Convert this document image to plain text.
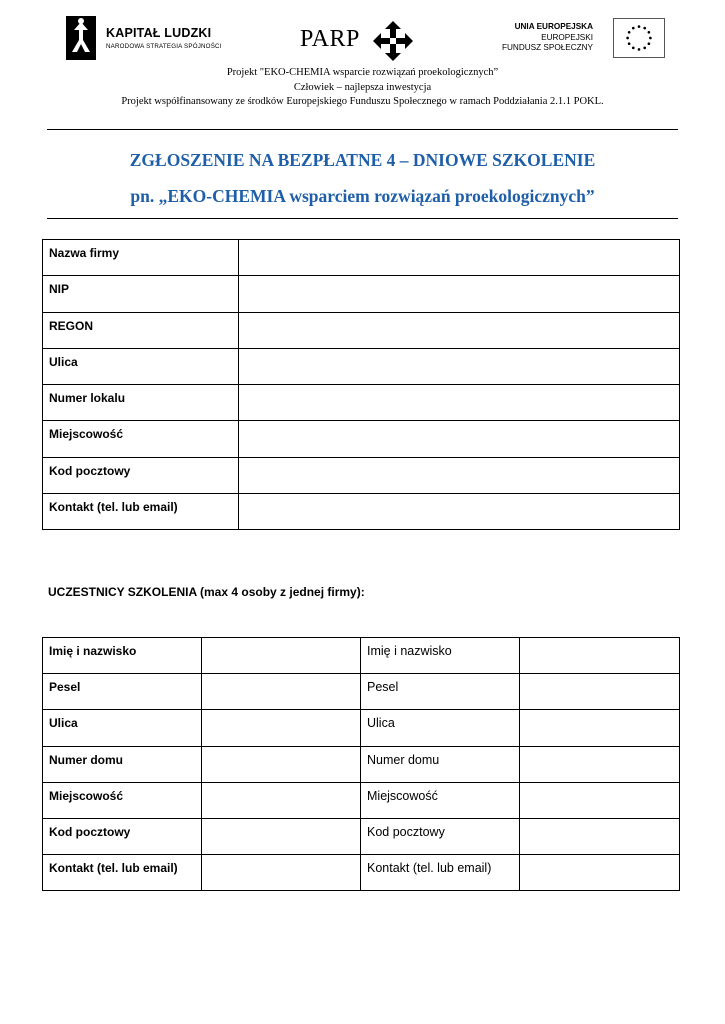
KAPITAŁ LUDZKI
NARODOWA STRATEGIA SPÓJNOŚCI	PARP	UNIA EUROPEJSKA
EUROPEJSKI
FUNDUSZ SPOŁECZNY
Projekt "EKO-CHEMIA wsparcie rozwiązań proekologicznych”
Człowiek – najlepsza inwestycja
Projekt współfinansowany ze środków Europejskiego Funduszu Społecznego w ramach Poddziałania 2.1.1 POKL.
ZGŁOSZENIE NA BEZPŁATNE 4 – DNIOWE SZKOLENIE
pn. „EKO-CHEMIA wsparciem rozwiązań proekologicznych”
Nazwa firmy	
NIP	
REGON	
Ulica	
Numer lokalu	
Miejscowość	
Kod pocztowy	
Kontakt (tel. lub email)	
UCZESTNICY SZKOLENIA (max 4 osoby z jednej firmy):
Imię i nazwisko		Imię i nazwisko	
Pesel		Pesel	
Ulica		Ulica	
Numer domu		Numer domu	
Miejscowość		Miejscowość	
Kod pocztowy		Kod pocztowy	
Kontakt (tel. lub email)		Kontakt (tel. lub email)	
